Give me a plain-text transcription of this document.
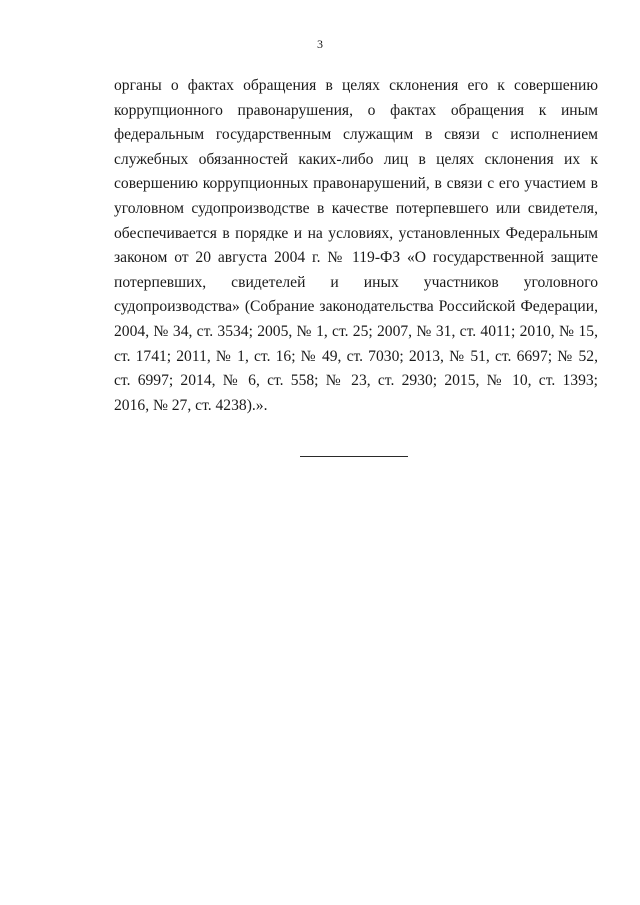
3
органы о фактах обращения в целях склонения его к совершению
коррупционного правонарушения, о фактах обращения к иным
федеральным государственным служащим в связи с исполнением
служебных обязанностей каких-либо лиц в целях склонения их к
совершению коррупционных правонарушений, в связи с его участием в
уголовном судопроизводстве в качестве потерпевшего или свидетеля,
обеспечивается в порядке и на условиях, установленных Федеральным
законом от 20 августа 2004 г. № 119-ФЗ «О государственной защите
потерпевших, свидетелей и иных участников уголовного
судопроизводства» (Собрание законодательства Российской Федерации,
2004, № 34, ст. 3534; 2005, № 1, ст. 25; 2007, № 31, ст. 4011; 2010, № 15,
ст. 1741; 2011, № 1, ст. 16; № 49, ст. 7030; 2013, № 51, ст. 6697; № 52,
ст. 6997; 2014, № 6, ст. 558; № 23, ст. 2930; 2015, № 10, ст. 1393;
2016, № 27, ст. 4238).».
